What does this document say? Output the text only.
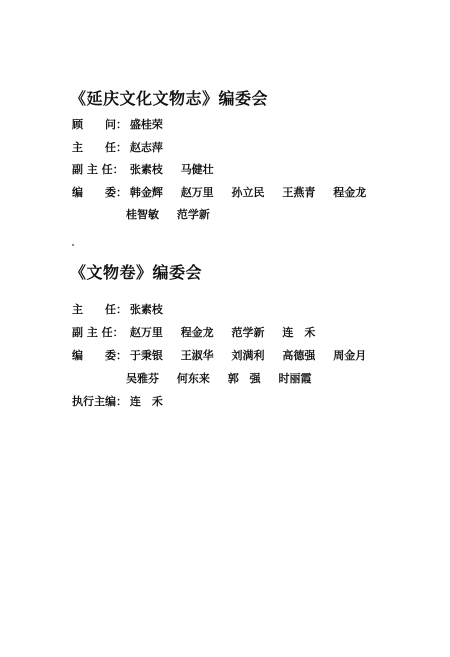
《延庆文化文物志》编委会
顾　　问： 盛桂荣
主　　任： 赵志萍
副 主 任： 张素枝 马健壮
编　　委： 韩金辉 赵万里 孙立民 王燕青 程金龙
桂智敏 范学新
《文物卷》编委会
主　　任： 张素枝
副 主 任： 赵万里 程金龙 范学新 连　禾
编　　委： 于秉银 王淑华 刘满利 高德强 周金月
吴雅芬 何东来 郭　强 时丽霞
执行主编： 连　禾
